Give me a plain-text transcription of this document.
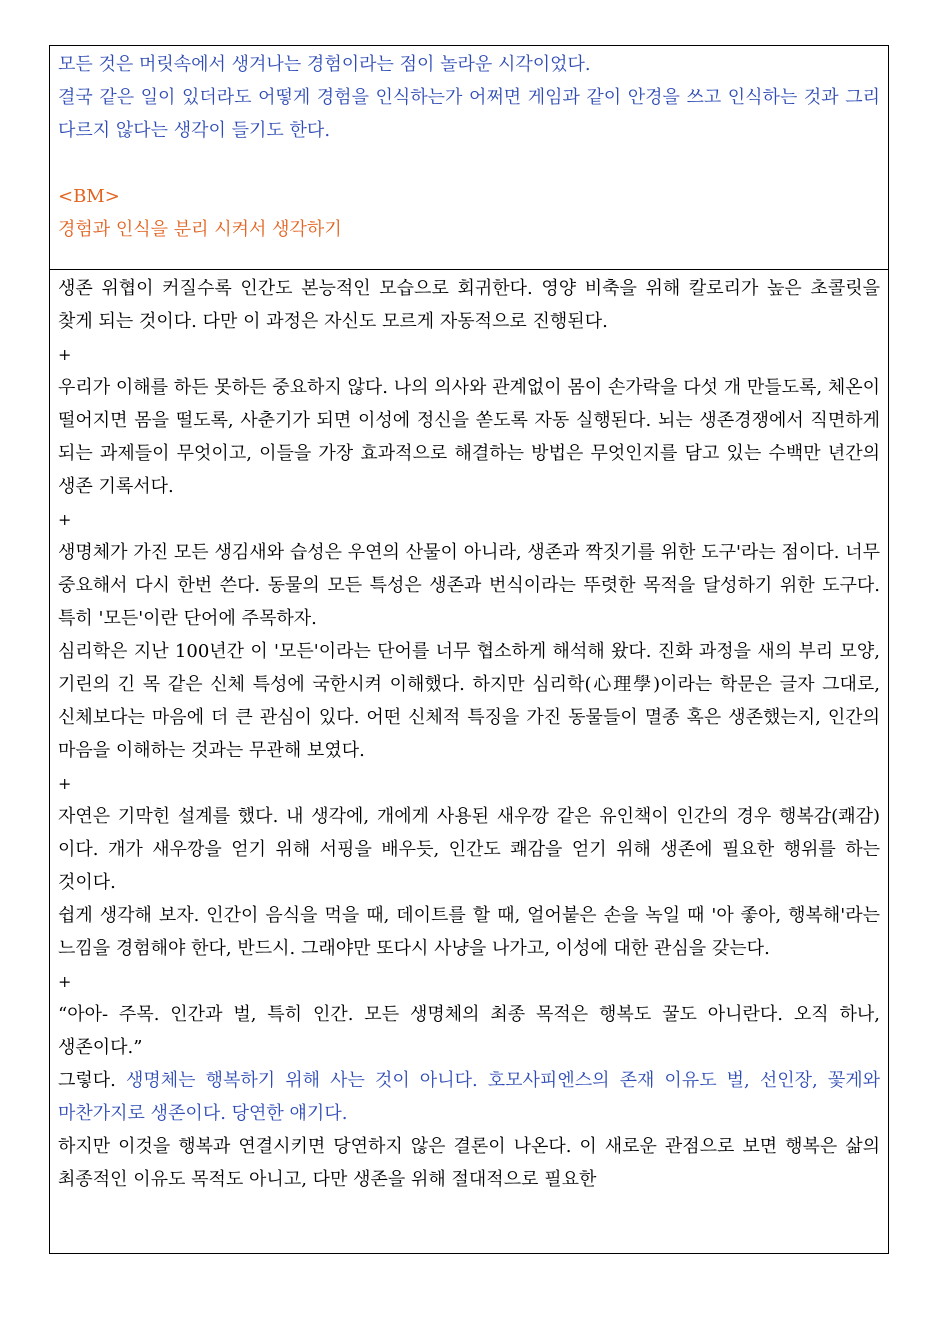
모든 것은 머릿속에서 생겨나는 경험이라는 점이 놀라운 시각이었다.

결국 같은 일이 있더라도 어떻게 경험을 인식하는가 어쩌면 게임과 같이 안경을 쓰고 인식하는 것과 그리 다르지 않다는 생각이 들기도 한다.

<BM>

경험과 인식을 분리 시켜서 생각하기

생존 위협이 커질수록 인간도 본능적인 모습으로 회귀한다. 영양 비축을 위해 칼로리가 높은 초콜릿을 찾게 되는 것이다. 다만 이 과정은 자신도 모르게 자동적으로 진행된다.

+

우리가 이해를 하든 못하든 중요하지 않다. 나의 의사와 관계없이 몸이 손가락을 다섯 개 만들도록, 체온이 떨어지면 몸을 떨도록, 사춘기가 되면 이성에 정신을 쏟도록 자동 실행된다. 뇌는 생존경쟁에서 직면하게 되는 과제들이 무엇이고, 이들을 가장 효과적으로 해결하는 방법은 무엇인지를 담고 있는 수백만 년간의 생존 기록서다.

+

생명체가 가진 모든 생김새와 습성은 우연의 산물이 아니라, 생존과 짝짓기를 위한 도구'라는 점이다. 너무 중요해서 다시 한번 쓴다. 동물의 모든 특성은 생존과 번식이라는 뚜렷한 목적을 달성하기 위한 도구다. 특히 '모든'이란 단어에 주목하자.

심리학은 지난 100년간 이 '모든'이라는 단어를 너무 협소하게 해석해 왔다. 진화 과정을 새의 부리 모양, 기린의 긴 목 같은 신체 특성에 국한시켜 이해했다. 하지만 심리학(心理學)이라는 학문은 글자 그대로, 신체보다는 마음에 더 큰 관심이 있다. 어떤 신체적 특징을 가진 동물들이 멸종 혹은 생존했는지, 인간의 마음을 이해하는 것과는 무관해 보였다.

+

자연은 기막힌 설계를 했다. 내 생각에, 개에게 사용된 새우깡 같은 유인책이 인간의 경우 행복감(쾌감)이다. 개가 새우깡을 얻기 위해 서핑을 배우듯, 인간도 쾌감을 얻기 위해 생존에 필요한 행위를 하는 것이다.

쉽게 생각해 보자. 인간이 음식을 먹을 때, 데이트를 할 때, 얼어붙은 손을 녹일 때 '아 좋아, 행복해'라는 느낌을 경험해야 한다, 반드시. 그래야만 또다시 사냥을 나가고, 이성에 대한 관심을 갖는다.

+

“아아- 주목. 인간과 벌, 특히 인간. 모든 생명체의 최종 목적은 행복도 꿀도 아니란다. 오직 하나, 생존이다.”

그렇다. 생명체는 행복하기 위해 사는 것이 아니다. 호모사피엔스의 존재 이유도 벌, 선인장, 꽃게와 마찬가지로 생존이다. 당연한 얘기다.

하지만 이것을 행복과 연결시키면 당연하지 않은 결론이 나온다. 이 새로운 관점으로 보면 행복은 삶의 최종적인 이유도 목적도 아니고, 다만 생존을 위해 절대적으로 필요한
